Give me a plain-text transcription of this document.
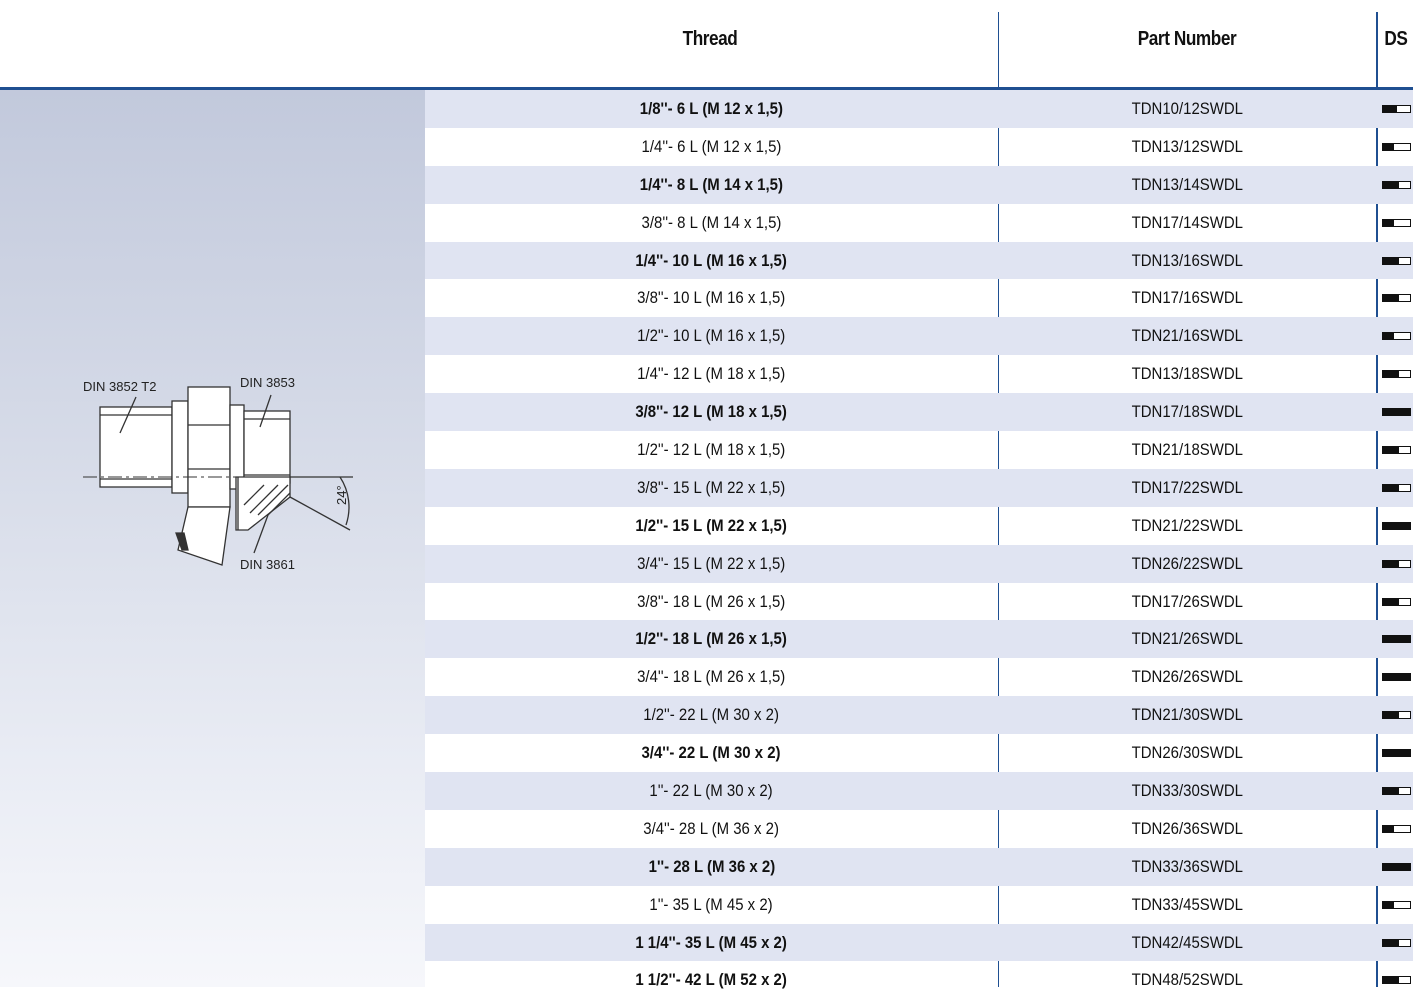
Thread	Part Number	DS
DIN 3852 T2	DIN 3853
DIN 3861
24°
1/8''- 6 L (M 12 x 1,5)	TDN10/12SWDL
1/4''- 6 L (M 12 x 1,5)	TDN13/12SWDL
1/4''- 8 L (M 14 x 1,5)	TDN13/14SWDL
3/8''- 8 L (M 14 x 1,5)	TDN17/14SWDL
1/4''- 10 L (M 16 x 1,5)	TDN13/16SWDL
3/8''- 10 L (M 16 x 1,5)	TDN17/16SWDL
1/2''- 10 L (M 16 x 1,5)	TDN21/16SWDL
1/4''- 12 L (M 18 x 1,5)	TDN13/18SWDL
3/8''- 12 L (M 18 x 1,5)	TDN17/18SWDL
1/2''- 12 L (M 18 x 1,5)	TDN21/18SWDL
3/8''- 15 L (M 22 x 1,5)	TDN17/22SWDL
1/2''- 15 L (M 22 x 1,5)	TDN21/22SWDL
3/4''- 15 L (M 22 x 1,5)	TDN26/22SWDL
3/8''- 18 L (M 26 x 1,5)	TDN17/26SWDL
1/2''- 18 L (M 26 x 1,5)	TDN21/26SWDL
3/4''- 18 L (M 26 x 1,5)	TDN26/26SWDL
1/2''- 22 L (M 30 x 2)	TDN21/30SWDL
3/4''- 22 L (M 30 x 2)	TDN26/30SWDL
1''- 22 L (M 30 x 2)	TDN33/30SWDL
3/4''- 28 L (M 36 x 2)	TDN26/36SWDL
1''- 28 L (M 36 x 2)	TDN33/36SWDL
1''- 35 L (M 45 x 2)	TDN33/45SWDL
1 1/4''- 35 L (M 45 x 2)	TDN42/45SWDL
1 1/2''- 42 L (M 52 x 2)	TDN48/52SWDL
